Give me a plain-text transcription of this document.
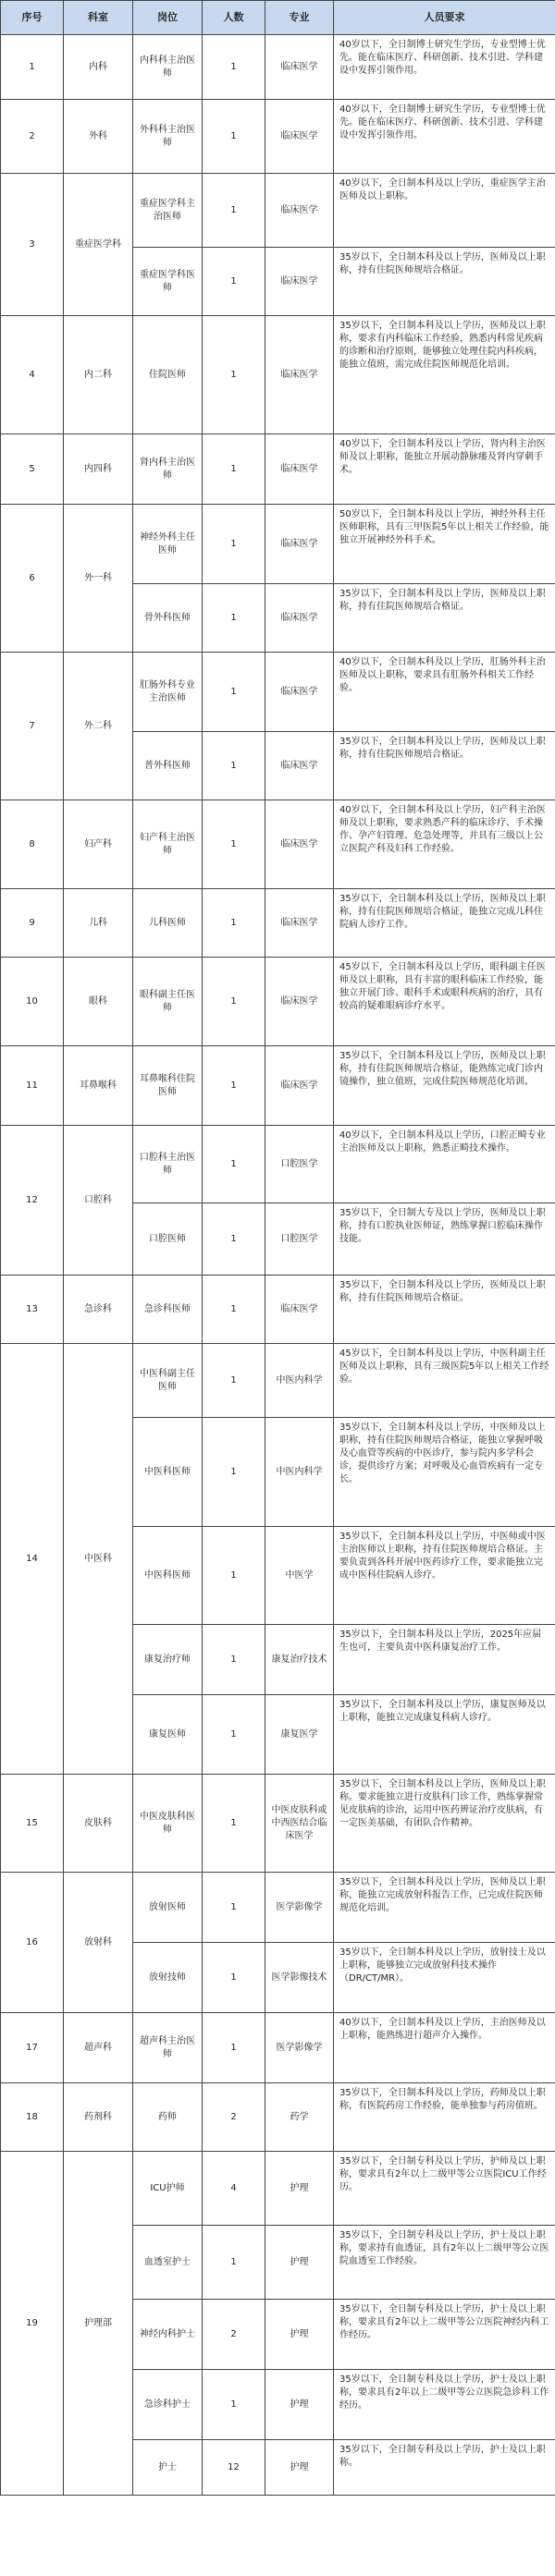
序号	科室	岗位	人数	专业	人员要求
1	内科	内科科主治医师	1	临床医学	40岁以下，全日制博士研究生学历，专业型博士优先。能在临床医疗、科研创新、技术引进、学科建设中发挥引领作用。
2	外科	外科科主治医师	1	临床医学	40岁以下，全日制博士研究生学历，专业型博士优先。能在临床医疗、科研创新、技术引进、学科建设中发挥引领作用。
3	重症医学科	重症医学科主治医师	1	临床医学	40岁以下，全日制本科及以上学历，重症医学主治医师及以上职称。
		重症医学科医师	1	临床医学	35岁以下，全日制本科及以上学历，医师及以上职称，持有住院医师规培合格证。
4	内二科	住院医师	1	临床医学	35岁以下，全日制本科及以上学历，医师及以上职称，要求有内科临床工作经验，熟悉内科常见疾病的诊断和治疗原则，能够独立处理住院内科疾病，能独立值班，需完成住院医师规范化培训。
5	内四科	肾内科主治医师	1	临床医学	40岁以下，全日制本科及以上学历，肾内科主治医师及以上职称，能独立开展动静脉瘘及肾内穿刺手术。
6	外一科	神经外科主任医师	1	临床医学	50岁以下，全日制本科及以上学历，神经外科主任医师职称，具有三甲医院5年以上相关工作经验，能独立开展神经外科手术。
		骨外科医师	1	临床医学	35岁以下，全日制本科及以上学历，医师及以上职称，持有住院医师规培合格证。
7	外二科	肛肠外科专业主治医师	1	临床医学	40岁以下，全日制本科及以上学历，肛肠外科主治医师及以上职称，要求具有肛肠外科相关工作经验。
		普外科医师	1	临床医学	35岁以下，全日制本科及以上学历，医师及以上职称，持有住院医师规培合格证。
8	妇产科	妇产科主治医师	1	临床医学	40岁以下，全日制本科及以上学历，妇产科主治医师及以上职称，要求熟悉产科的临床诊疗、手术操作、孕产妇管理、危急处理等，并具有三级以上公立医院产科及妇科工作经验。
9	儿科	儿科医师	1	临床医学	35岁以下，全日制本科及以上学历，医师及以上职称，持有住院医师规培合格证，能独立完成儿科住院病人诊疗工作。
10	眼科	眼科副主任医师	1	临床医学	45岁以下，全日制本科及以上学历，眼科副主任医师及以上职称，具有丰富的眼科临床工作经验，能独立开展门诊、眼科手术或眼科疾病的治疗，具有较高的疑难眼病诊疗水平。
11	耳鼻喉科	耳鼻喉科住院医师	1	临床医学	35岁以下，全日制本科及以上学历，医师及以上职称，持有住院医师规培合格证，能熟练完成门诊内镜操作，独立值班，完成住院医师规范化培训。
12	口腔科	口腔科主治医师	1	口腔医学	40岁以下，全日制本科及以上学历，口腔正畸专业主治医师及以上职称，熟悉正畸技术操作。
		口腔医师	1	口腔医学	35岁以下，全日制大专及以上学历，医师及以上职称，持有口腔执业医师证，熟练掌握口腔临床操作技能。
13	急诊科	急诊科医师	1	临床医学	35岁以下，全日制本科及以上学历，医师及以上职称，持有住院医师规培合格证。
14	中医科	中医科副主任医师	1	中医内科学	45岁以下，全日制本科及以上学历，中医科副主任医师及以上职称，具有三级医院5年以上相关工作经验。
		中医科医师	1	中医内科学	35岁以下，全日制本科及以上学历，中医师及以上职称，持有住院医师规培合格证，能独立掌握呼吸及心血管等疾病的中医诊疗，参与院内多学科会诊，提供诊疗方案；对呼吸及心血管疾病有一定专长。
		中医科医师	1	中医学	35岁以下，全日制本科及以上学历，中医师或中医主治医师以上职称，持有住院医师规培合格证。主要负责到各科开展中医药诊疗工作，要求能独立完成中医科住院病人诊疗。
		康复治疗师	1	康复治疗技术	35岁以下，全日制本科及以上学历，2025年应届生也可，主要负责中医科康复治疗工作。
		康复医师	1	康复医学	35岁以下，全日制本科及以上学历，康复医师及以上职称，能独立完成康复科病人诊疗。
15	皮肤科	中医皮肤科医师	1	中医皮肤科或中西医结合临床医学	35岁以下，全日制本科及以上学历，医师及以上职称。要求能独立进行皮肤科门诊工作，熟练掌握常见皮肤病的诊治，运用中医药辨证治疗皮肤病，有一定医美基础，有团队合作精神。
16	放射科	放射医师	1	医学影像学	35岁以下，全日制本科及以上学历，医师及以上职称，能独立完成放射科报告工作，已完成住院医师规范化培训。
		放射技师	1	医学影像技术	35岁以下，全日制本科及以上学历，放射技士及以上职称，能够独立完成放射科技术操作（DR/CT/MR）。
17	超声科	超声科主治医师	1	医学影像学	40岁以下，全日制本科及以上学历，主治医师及以上职称，能熟练进行超声介入操作。
18	药剂科	药师	2	药学	35岁以下，全日制本科及以上学历，药师及以上职称，有医院药房工作经验，能单独参与药房值班。
19	护理部	ICU护师	4	护理	35岁以下，全日制专科及以上学历，护师及以上职称，要求具有2年以上二级甲等公立医院ICU工作经历。
		血透室护士	1	护理	35岁以下，全日制专科及以上学历，护士及以上职称，要求持有血透证，具有2年以上二级甲等公立医院血透室工作经验。
		神经内科护士	2	护理	35岁以下，全日制专科及以上学历，护士及以上职称，要求具有2年以上二级甲等公立医院神经内科工作经历。
		急诊科护士	1	护理	35岁以下，全日制专科及以上学历，护士及以上职称，要求具有2年以上二级甲等公立医院急诊科工作经历。
		护士	12	护理	35岁以下，全日制专科及以上学历，护士及以上职称。
